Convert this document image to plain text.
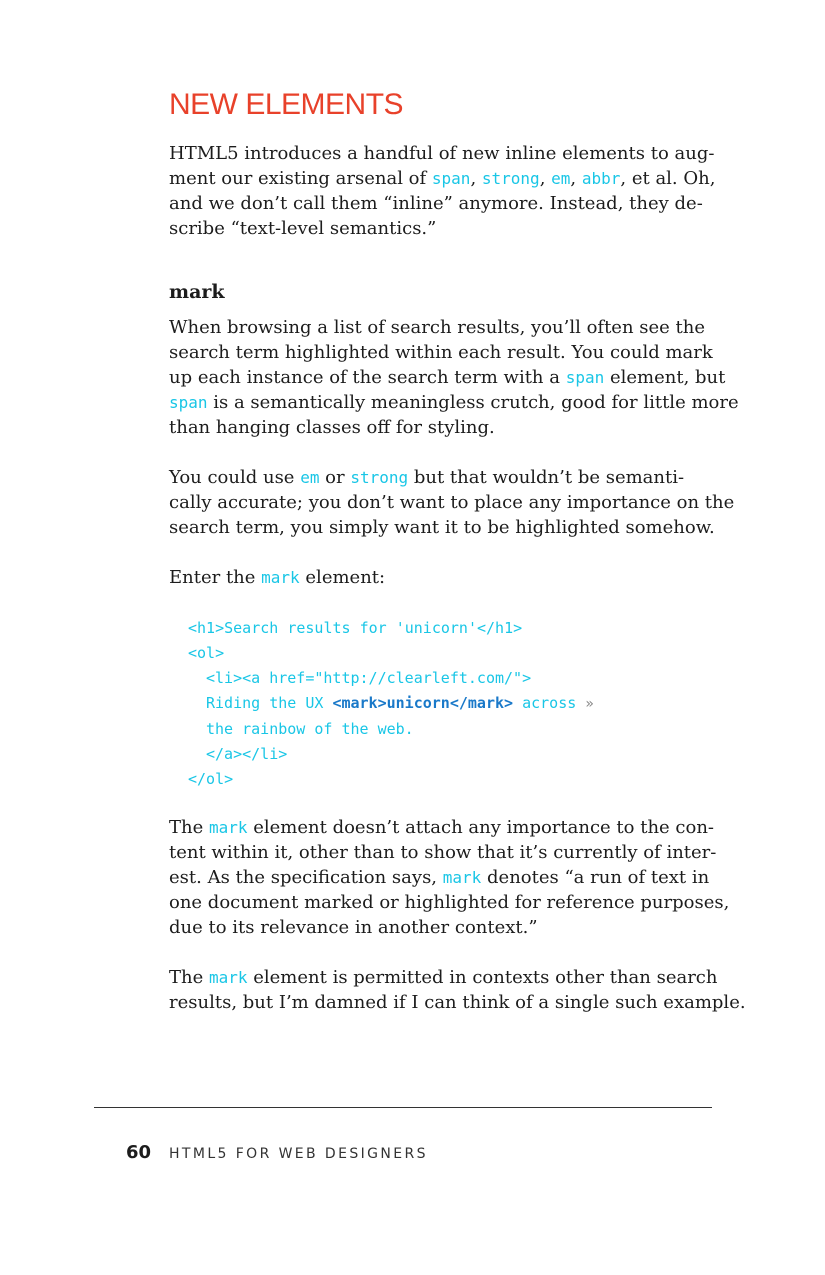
NEW ELEMENTS

HTML5 introduces a handful of new inline elements to aug-
ment our existing arsenal of span, strong, em, abbr, et al. Oh,
and we don’t call them “inline” anymore. Instead, they de-
scribe “text-level semantics.”

mark

When browsing a list of search results, you’ll often see the
search term highlighted within each result. You could mark
up each instance of the search term with a span element, but
span is a semantically meaningless crutch, good for little more
than hanging classes off for styling.

You could use em or strong but that wouldn’t be semanti-
cally accurate; you don’t want to place any importance on the
search term, you simply want it to be highlighted somehow.

Enter the mark element:

<h1>Search results for 'unicorn'</h1>
<ol>
<li><a href="http://clearleft.com/">
Riding the UX <mark>unicorn</mark> across »
the rainbow of the web.
</a></li>
</ol>

The mark element doesn’t attach any importance to the con-
tent within it, other than to show that it’s currently of inter-
est. As the specification says, mark denotes “a run of text in
one document marked or highlighted for reference purposes,
due to its relevance in another context.”

The mark element is permitted in contexts other than search
results, but I’m damned if I can think of a single such example.

60 HTML5 FOR WEB DESIGNERS
